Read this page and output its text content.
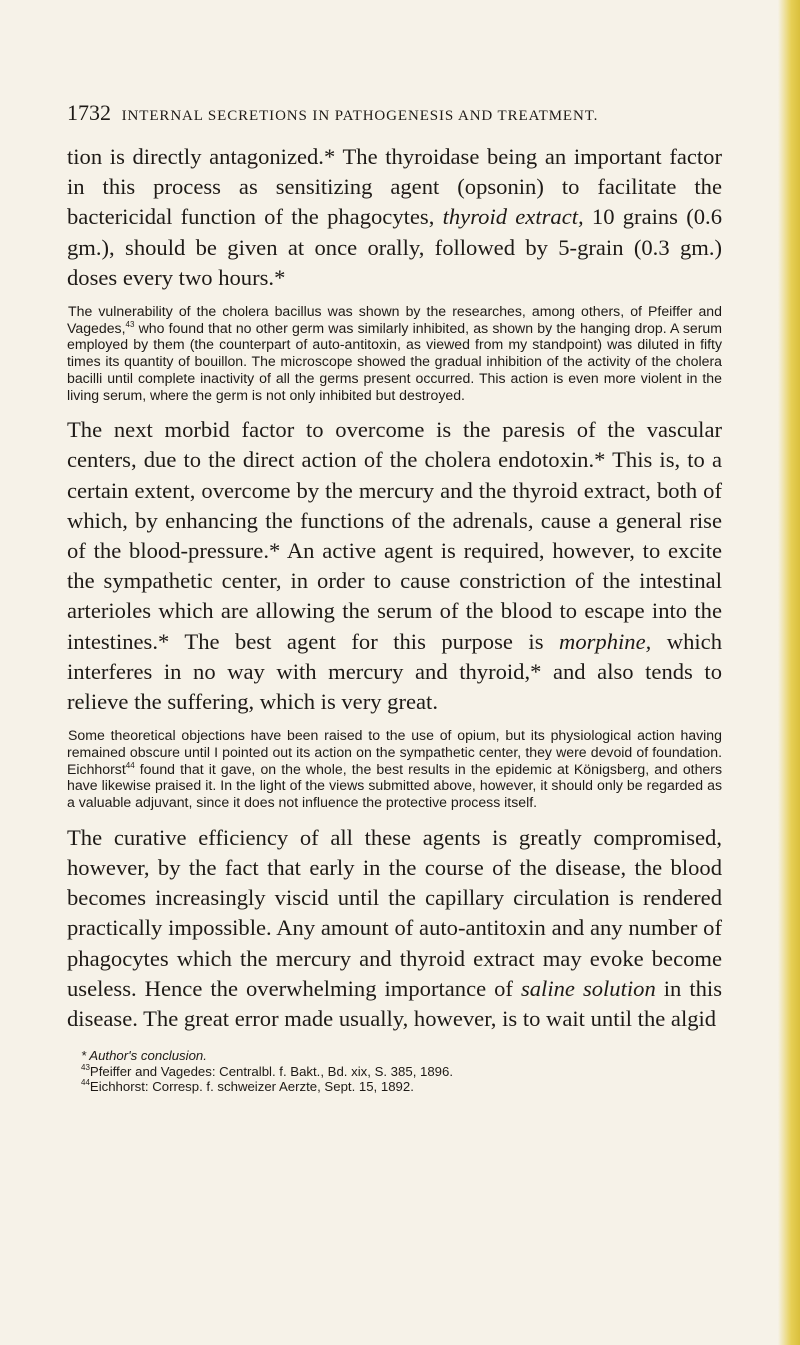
1732 INTERNAL SECRETIONS IN PATHOGENESIS AND TREATMENT.

tion is directly antagonized.* The thyroidase being an important factor in this process as sensitizing agent (opsonin) to facilitate the bactericidal function of the phagocytes, thyroid extract, 10 grains (0.6 gm.), should be given at once orally, followed by 5-grain (0.3 gm.) doses every two hours.*

The vulnerability of the cholera bacillus was shown by the researches, among others, of Pfeiffer and Vagedes,$^{43}$ who found that no other germ was similarly inhibited, as shown by the hanging drop. A serum employed by them (the counterpart of auto-antitoxin, as viewed from my standpoint) was diluted in fifty times its quantity of bouillon. The microscope showed the gradual inhibition of the activity of the cholera bacilli until complete inactivity of all the germs present occurred. This action is even more violent in the living serum, where the germ is not only inhibited but destroyed.

The next morbid factor to overcome is the paresis of the vascular centers, due to the direct action of the cholera endotoxin.* This is, to a certain extent, overcome by the mercury and the thyroid extract, both of which, by enhancing the functions of the adrenals, cause a general rise of the blood-pressure.* An active agent is required, however, to excite the sympathetic center, in order to cause constriction of the intestinal arterioles which are allowing the serum of the blood to escape into the intestines.* The best agent for this purpose is morphine, which interferes in no way with mercury and thyroid,* and also tends to relieve the suffering, which is very great.

Some theoretical objections have been raised to the use of opium, but its physiological action having remained obscure until I pointed out its action on the sympathetic center, they were devoid of foundation. Eichhorst$^{44}$ found that it gave, on the whole, the best results in the epidemic at Königsberg, and others have likewise praised it. In the light of the views submitted above, however, it should only be regarded as a valuable adjuvant, since it does not influence the protective process itself.

The curative efficiency of all these agents is greatly compromised, however, by the fact that early in the course of the disease, the blood becomes increasingly viscid until the capillary circulation is rendered practically impossible. Any amount of auto-antitoxin and any number of phagocytes which the mercury and thyroid extract may evoke become useless. Hence the overwhelming importance of saline solution in this disease. The great error made usually, however, is to wait until the algid

* Author's conclusion.
$^{43}$Pfeiffer and Vagedes: Centralbl. f. Bakt., Bd. xix, S. 385, 1896.
$^{44}$Eichhorst: Corresp. f. schweizer Aerzte, Sept. 15, 1892.
